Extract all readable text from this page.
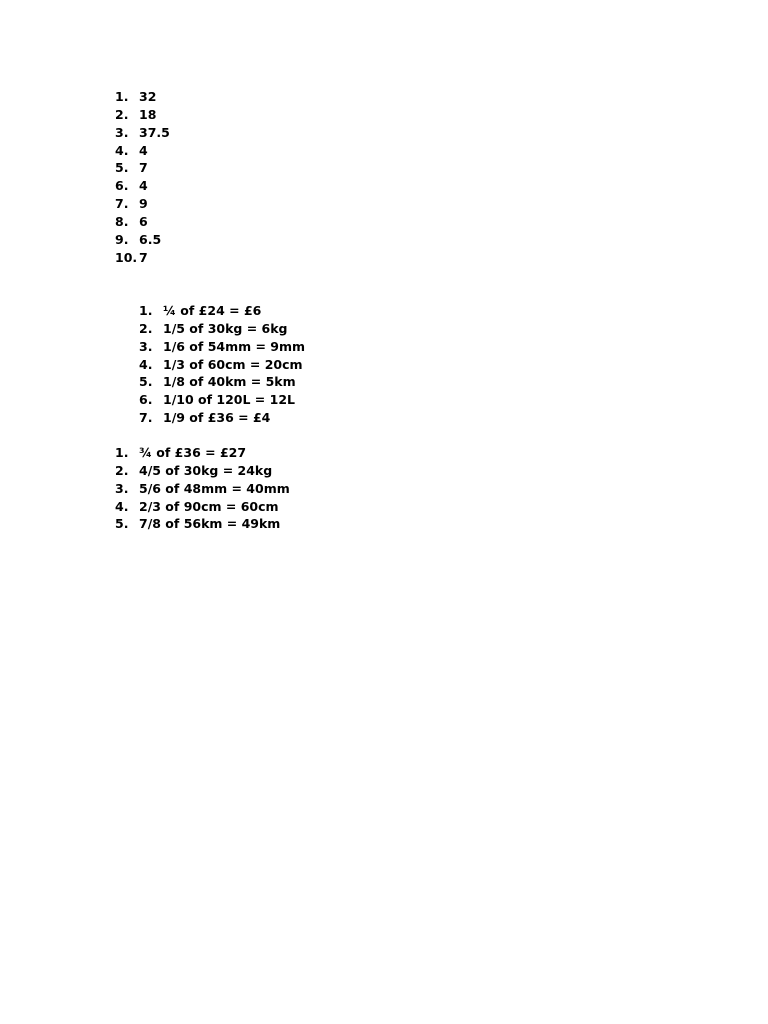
1. 32
2. 18
3. 37.5
4. 4
5. 7
6. 4
7. 9
8. 6
9. 6.5
10. 7
1. ¼ of £24 = £6
2. 1/5 of 30kg = 6kg
3. 1/6 of 54mm = 9mm
4. 1/3 of 60cm = 20cm
5. 1/8 of 40km = 5km
6. 1/10 of 120L = 12L
7. 1/9 of £36 = £4
1. ¾ of £36 = £27
2. 4/5 of 30kg = 24kg
3. 5/6 of 48mm = 40mm
4. 2/3 of 90cm = 60cm
5. 7/8 of 56km = 49km
